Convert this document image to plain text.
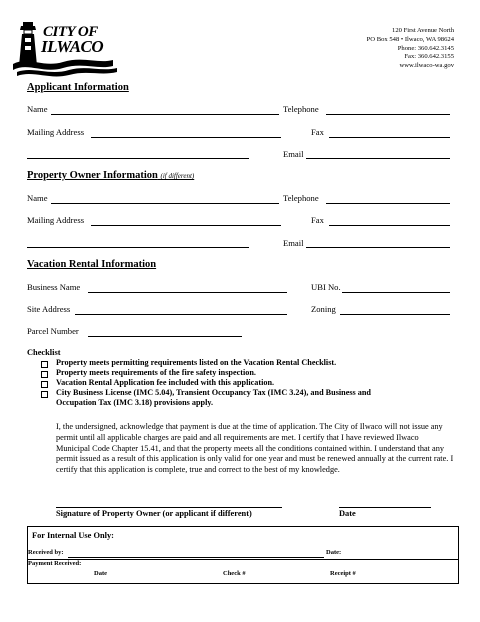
CITY OF
ILWACO
120 First Avenue North
PO Box 548 • Ilwaco, WA 98624
Phone: 360.642.3145
Fax: 360.642.3155
www.ilwaco-wa.gov
Applicant Information
Name	Telephone
Mailing Address	Fax
Email
Property Owner Information (if different)
Name	Telephone
Mailing Address	Fax
Email
Vacation Rental Information
Business Name	UBI No.
Site Address	Zoning
Parcel Number
Checklist
Property meets permitting requirements listed on the Vacation Rental Checklist.
Property meets requirements of the fire safety inspection.
Vacation Rental Application fee included with this application.
City Business License (IMC 5.04), Transient Occupancy Tax (IMC 3.24), and Business and Occupation Tax (IMC 3.18) provisions apply.
I, the undersigned, acknowledge that payment is due at the time of application. The City of Ilwaco will not issue any permit until all applicable charges are paid and all requirements are met. I certify that I have reviewed Ilwaco Municipal Code Chapter 15.41, and that the property meets all the conditions contained within. I understand that any permit issued as a result of this application is only valid for one year and must be renewed annually at the current rate. I certify that this application is complete, true and correct to the best of my knowledge.
Signature of Property Owner (or applicant if different)	Date
For Internal Use Only:
Received by:	Date:
Payment Received:
Date	Check #	Receipt #
